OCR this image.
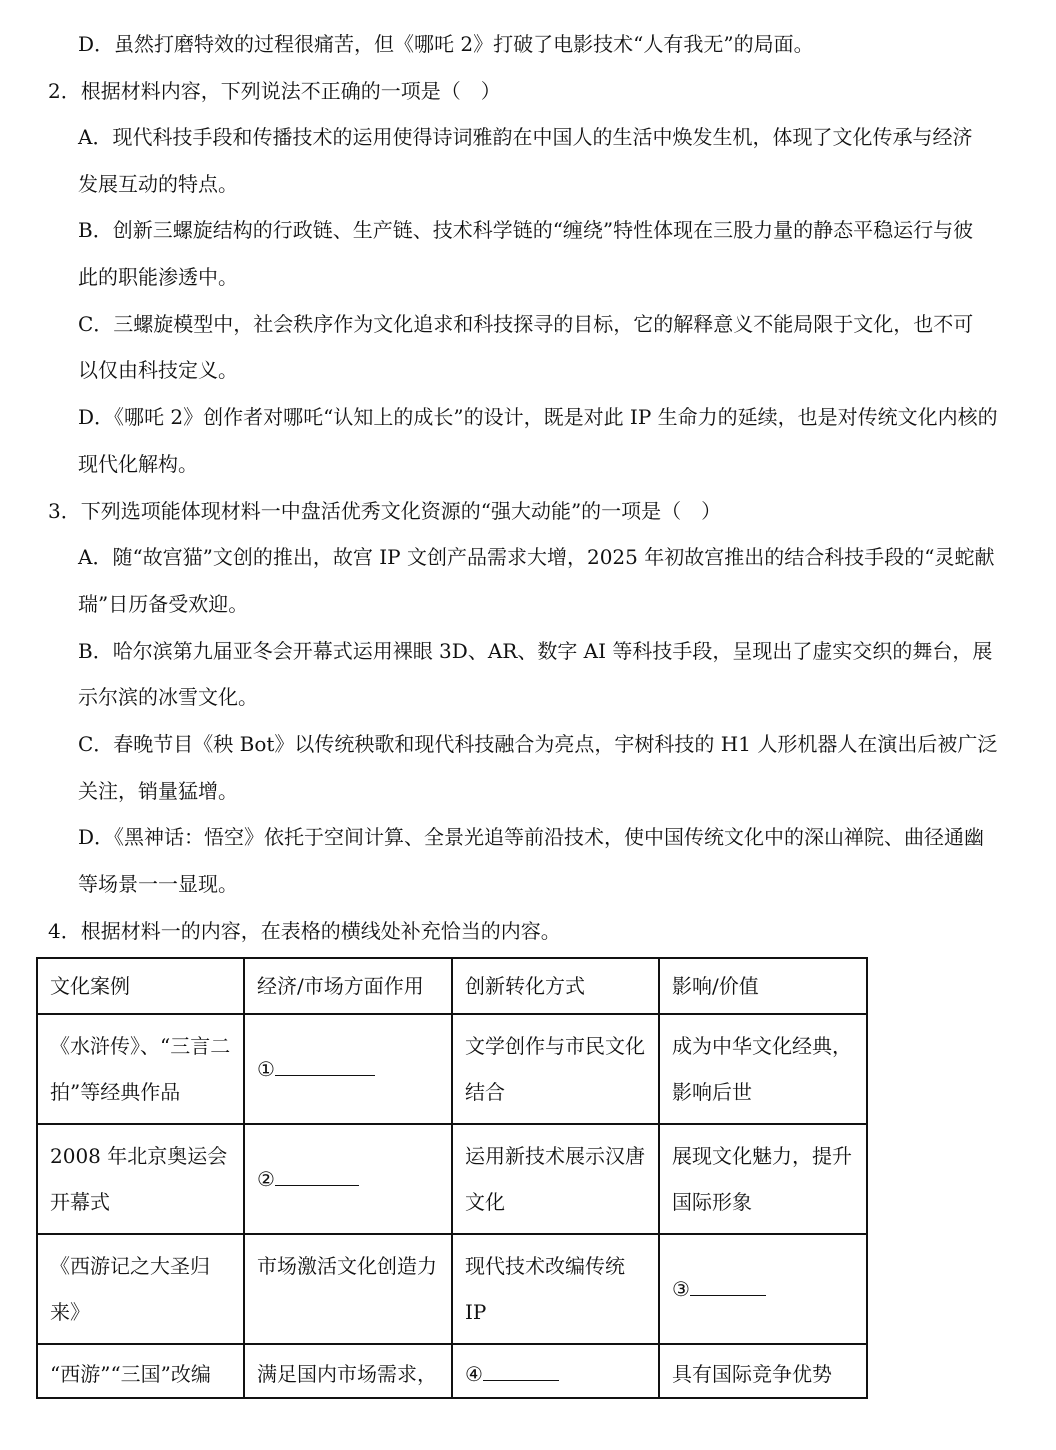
D．虽然打磨特效的过程很痛苦，但《哪吒 2》打破了电影技术“人有我无”的局面。
2．根据材料内容，下列说法不正确的一项是（　）
A．现代科技手段和传播技术的运用使得诗词雅韵在中国人的生活中焕发生机，体现了文化传承与经济
发展互动的特点。
B．创新三螺旋结构的行政链、生产链、技术科学链的“缠绕”特性体现在三股力量的静态平稳运行与彼
此的职能渗透中。
C．三螺旋模型中，社会秩序作为文化追求和科技探寻的目标，它的解释意义不能局限于文化，也不可
以仅由科技定义。
D．《哪吒 2》创作者对哪吒“认知上的成长”的设计，既是对此 IP 生命力的延续，也是对传统文化内核的
现代化解构。
3．下列选项能体现材料一中盘活优秀文化资源的“强大动能”的一项是（　）
A．随“故宫猫”文创的推出，故宫 IP 文创产品需求大增，2025 年初故宫推出的结合科技手段的“灵蛇献
瑞”日历备受欢迎。
B．哈尔滨第九届亚冬会开幕式运用裸眼 3D、AR、数字 AI 等科技手段，呈现出了虚实交织的舞台，展
示尔滨的冰雪文化。
C．春晚节目《秧 Bot》以传统秧歌和现代科技融合为亮点，宇树科技的 H1 人形机器人在演出后被广泛
关注，销量猛增。
D．《黑神话：悟空》依托于空间计算、全景光追等前沿技术，使中国传统文化中的深山禅院、曲径通幽
等场景一一显现。
4．根据材料一的内容，在表格的横线处补充恰当的内容。
文化案例	经济/市场方面作用	创新转化方式	影响/价值
《水浒传》、“三言二拍”等经典作品	①	文学创作与市民文化结合	成为中华文化经典，影响后世
2008 年北京奥运会开幕式	②	运用新技术展示汉唐文化	展现文化魅力，提升国际形象
《西游记之大圣归来》	市场激活文化创造力	现代技术改编传统 IP	③
“西游”“三国”改编	满足国内市场需求，	④	具有国际竞争优势
